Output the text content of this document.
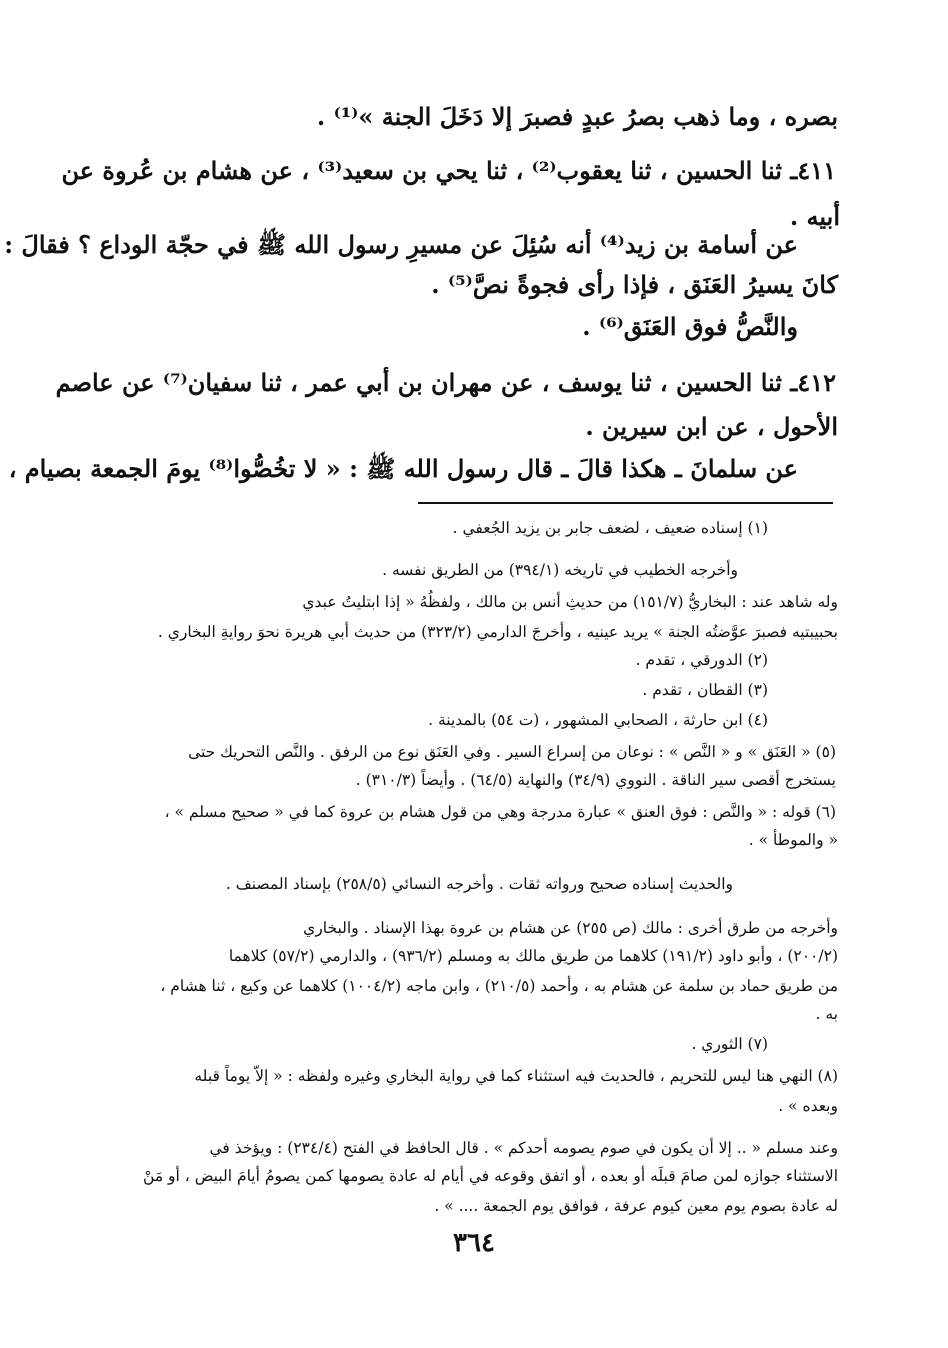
بصره ، وما ذهب بصرُ عبدٍ فصبرَ إلا دَخَلَ الجنة »⁽¹⁾ .
٤١١ـ ثنا الحسين ، ثنا يعقوب⁽²⁾ ، ثنا يحي بن سعيد⁽³⁾ ، عن هشام بن عُروة عن
أبيه .
عن أسامة بن زيد⁽⁴⁾ أنه سُئِلَ عن مسيرِ رسول الله ﷺ في حجّة الوداع ؟ فقالَ :
كانَ يسيرُ العَنَق ، فإذا رأى فجوةً نصَّ⁽⁵⁾ .
والنَّصُّ فوق العَنَق⁽⁶⁾ .
٤١٢ـ ثنا الحسين ، ثنا يوسف ، عن مهران بن أبي عمر ، ثنا سفيان⁽⁷⁾ عن عاصم
الأحول ، عن ابن سيرين .
عن سلمانَ ـ هكذا قالَ ـ قال رسول الله ﷺ : « لا تخُصُّوا⁽⁸⁾ يومَ الجمعة بصيام ،
(١) إسناده ضعيف ، لضعف جابر بن يزيد الجُعفي .
وأخرجه الخطيب في تاريخه (٣٩٤/١) من الطريق نفسه .
وله شاهد عند : البخاريُّ (١٥١/٧) من حديثِ أنس بن مالك ، ولفظُهُ « إذا ابتليتُ عبدي
بحبيبتيه فصبرَ عوَّضتُه الجنة » يريد عينيه ، وأخرجَ الدارمي (٣٢٣/٢) من حديث أبي هريرة نحوَ روايةِ البخاري .
(٢) الدورقي ، تقدم .
(٣) القطان ، تقدم .
(٤) ابن حارثة ، الصحابي المشهور ، (ت ٥٤) بالمدينة .
(٥) « العَنَق » و « النَّص » : نوعان من إسراع السير . وفي العَنَق نوع من الرفق . والنَّص التحريك حتى
يستخرج أقصى سير الناقة . النووي (٣٤/٩) والنهاية (٦٤/٥) . وأيضاً (٣١٠/٣) .
(٦) قوله : « والنَّص : فوق العنق » عبارة مدرجة وهي من قول هشام بن عروة كما في « صحيح مسلم » ،
« والموطأ » .
والحديث إسناده صحيح ورواته ثقات . وأخرجه النسائي (٢٥٨/٥) بإسناد المصنف .
وأخرجه من طرق أخرى : مالك (ص ٢٥٥) عن هشام بن عروة بهذا الإسناد . والبخاري
(٢٠٠/٢) ، وأبو داود (١٩١/٢) كلاهما من طريق مالك به ومسلم (٩٣٦/٢) ، والدارمي (٥٧/٢) كلاهما
من طريق حماد بن سلمة عن هشام به ، وأحمد (٢١٠/٥) ، وابن ماجه (١٠٠٤/٢) كلاهما عن وكيع ، ثنا هشام ،
به .
(٧) الثوري .
(٨) النهي هنا ليس للتحريم ، فالحديث فيه استثناء كما في رواية البخاري وغيره ولفظه : « إلاّ يوماً قبله
وبعده » .
وعند مسلم « .. إلا أن يكون في صوم يصومه أحدكم » . قال الحافظ في الفتح (٢٣٤/٤) : ويؤخذ في
الاستثناء جوازه لمن صامَ قبلَه أو بعده ، أو اتفق وقوعه في أيام له عادة يصومها كمن يصومُ أيامَ البيض ، أو مَنْ
له عادة بصوم يوم معين كيوم عرفة ، فوافق يوم الجمعة .... » .
٣٦٤
